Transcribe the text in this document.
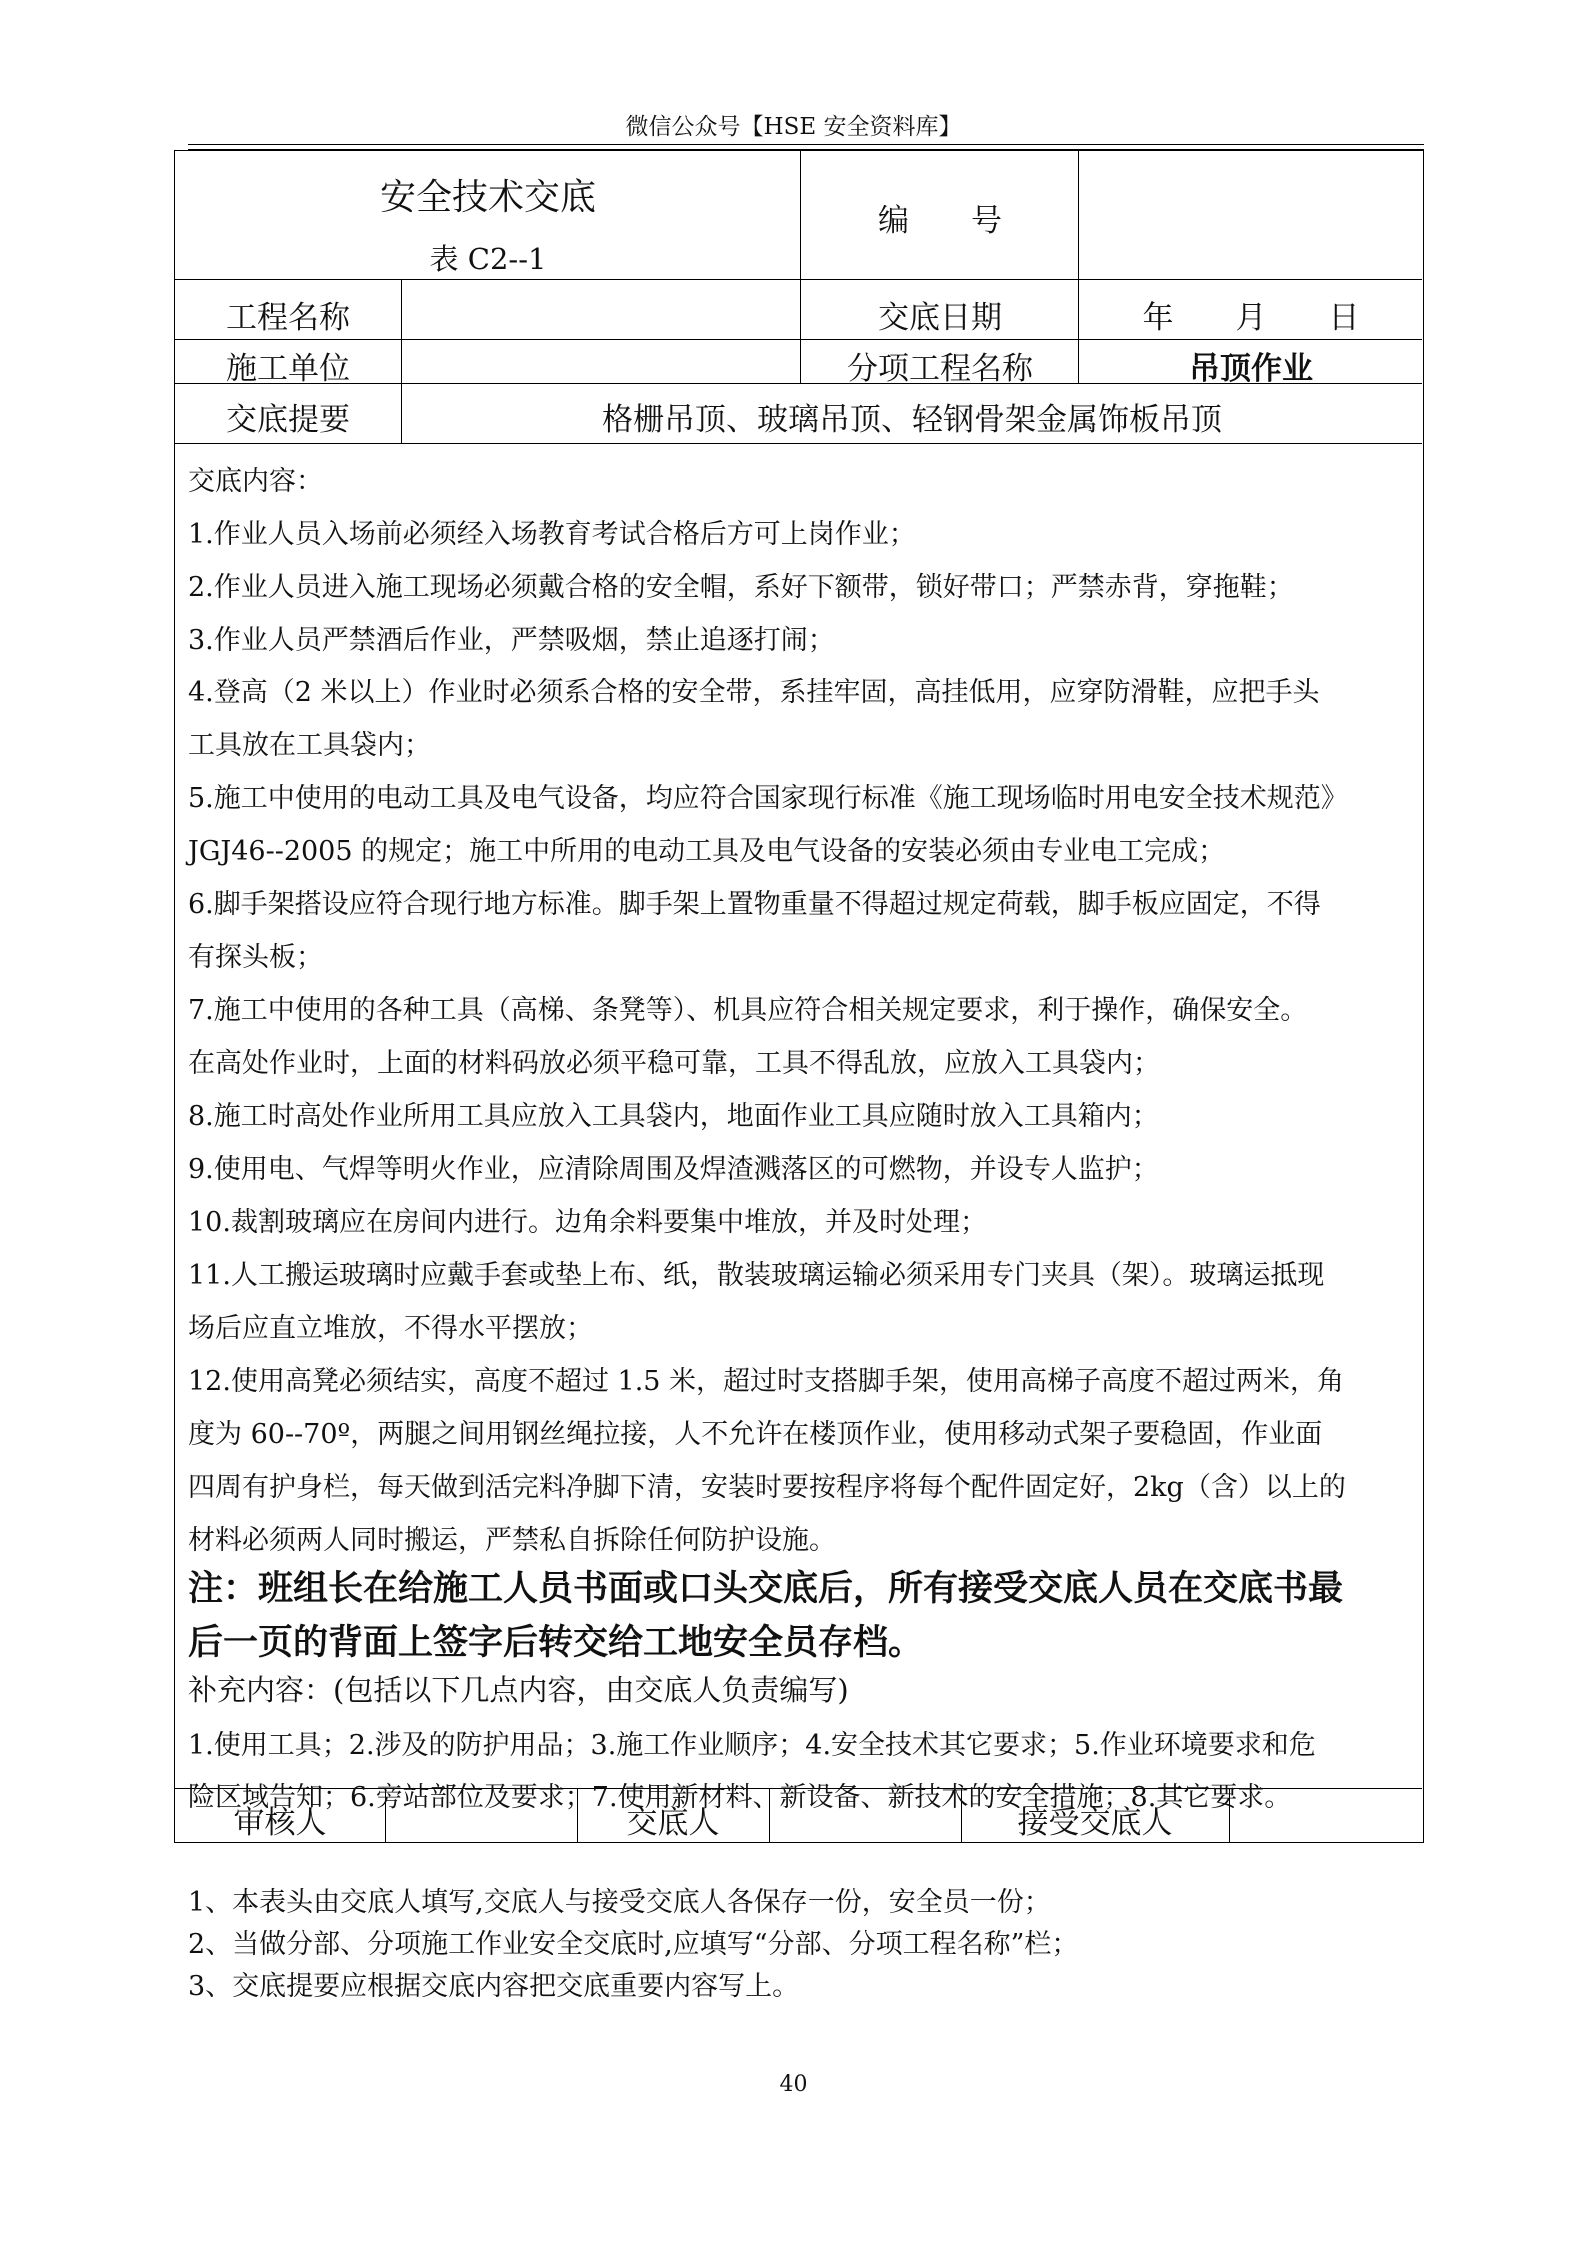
微信公众号【HSE 安全资料库】
安全技术交底
表 C2--1
编　　号
工程名称	交底日期	年　　月　　日
施工单位	分项工程名称	吊顶作业
交底提要	格栅吊顶、玻璃吊顶、轻钢骨架金属饰板吊顶
审核人	交底人	接受交底人
交底内容：
1.作业人员入场前必须经入场教育考试合格后方可上岗作业；
2.作业人员进入施工现场必须戴合格的安全帽，系好下额带，锁好带口；严禁赤背，穿拖鞋；
3.作业人员严禁酒后作业，严禁吸烟，禁止追逐打闹；
4.登高（2 米以上）作业时必须系合格的安全带，系挂牢固，高挂低用，应穿防滑鞋，应把手头
工具放在工具袋内；
5.施工中使用的电动工具及电气设备，均应符合国家现行标准《施工现场临时用电安全技术规范》
JGJ46--2005 的规定；施工中所用的电动工具及电气设备的安装必须由专业电工完成；
6.脚手架搭设应符合现行地方标准。脚手架上置物重量不得超过规定荷载，脚手板应固定，不得
有探头板；
7.施工中使用的各种工具（高梯、条凳等）、机具应符合相关规定要求，利于操作，确保安全。
在高处作业时，上面的材料码放必须平稳可靠，工具不得乱放，应放入工具袋内；
8.施工时高处作业所用工具应放入工具袋内，地面作业工具应随时放入工具箱内；
9.使用电、气焊等明火作业，应清除周围及焊渣溅落区的可燃物，并设专人监护；
10.裁割玻璃应在房间内进行。边角余料要集中堆放，并及时处理；
11.人工搬运玻璃时应戴手套或垫上布、纸，散装玻璃运输必须采用专门夹具（架）。玻璃运抵现
场后应直立堆放，不得水平摆放；
12.使用高凳必须结实，高度不超过 1.5 米，超过时支搭脚手架，使用高梯子高度不超过两米，角
度为 60--70º，两腿之间用钢丝绳拉接，人不允许在楼顶作业，使用移动式架子要稳固，作业面
四周有护身栏，每天做到活完料净脚下清，安装时要按程序将每个配件固定好，2kg（含）以上的
材料必须两人同时搬运，严禁私自拆除任何防护设施。
注：班组长在给施工人员书面或口头交底后，所有接受交底人员在交底书最
后一页的背面上签字后转交给工地安全员存档。
补充内容：(包括以下几点内容，由交底人负责编写)
1.使用工具；2.涉及的防护用品；3.施工作业顺序；4.安全技术其它要求；5.作业环境要求和危
险区域告知；6.旁站部位及要求；7.使用新材料、新设备、新技术的安全措施；8.其它要求。
1、本表头由交底人填写,交底人与接受交底人各保存一份，安全员一份；
2、当做分部、分项施工作业安全交底时,应填写“分部、分项工程名称”栏；
3、交底提要应根据交底内容把交底重要内容写上。
40
